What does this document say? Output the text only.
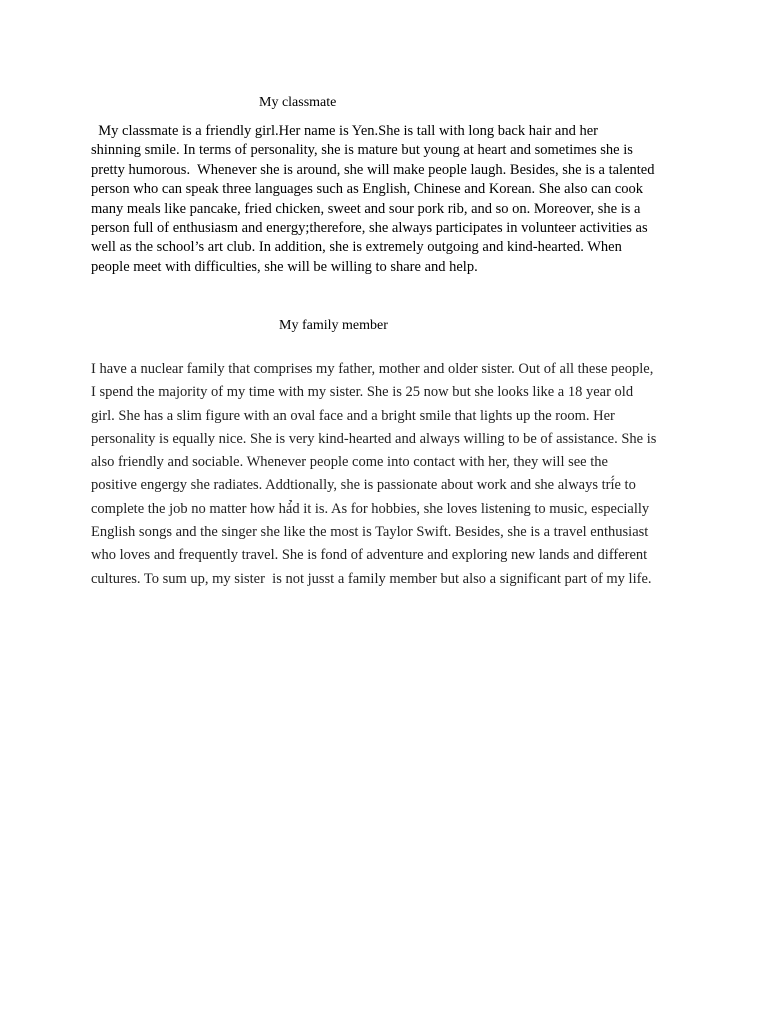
My classmate

My classmate is a friendly girl.Her name is Yen.She is tall with long back hair and her
shinning smile. In terms of personality, she is mature but young at heart and sometimes she is
pretty humorous.  Whenever she is around, she will make people laugh. Besides, she is a talented
person who can speak three languages such as English, Chinese and Korean. She also can cook
many meals like pancake, fried chicken, sweet and sour pork rib, and so on. Moreover, she is a
person full of enthusiasm and energy;therefore, she always participates in volunteer activities as
well as the school’s art club. In addition, she is extremely outgoing and kind-hearted. When
people meet with difficulties, she will be willing to share and help.

My family member

I have a nuclear family that comprises my father, mother and older sister. Out of all these people,
I spend the majority of my time with my sister. She is 25 now but she looks like a 18 year old
girl. She has a slim figure with an oval face and a bright smile that lights up the room. Her
personality is equally nice. She is very kind-hearted and always willing to be of assistance. She is
also friendly and sociable. Whenever people come into contact with her, they will see the
positive engergy she radiates. Addtionally, she is passionate about work and she always trí́e to
complete the job no matter how hả̉d it is. As for hobbies, she loves listening to music, especially
English songs and the singer she like the most is Taylor Swift. Besides, she is a travel enthusiast
who loves and frequently travel. She is fond of adventure and exploring new lands and different
cultures. To sum up, my sister  is not jusst a family member but also a significant part of my life.
